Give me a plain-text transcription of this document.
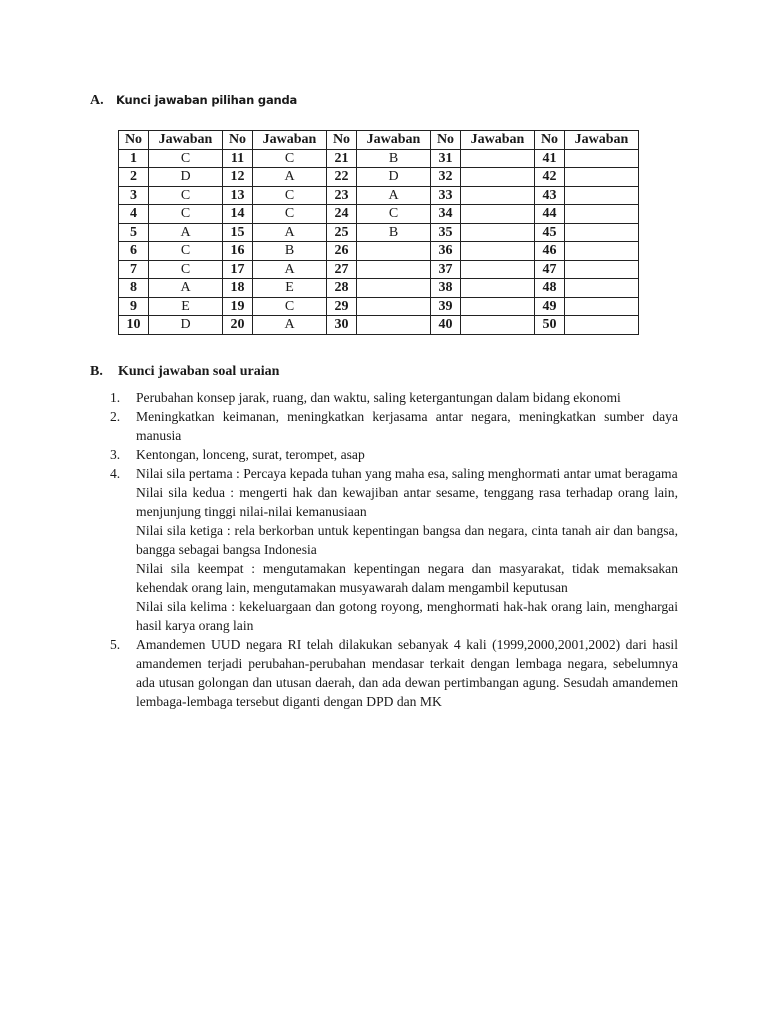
A. Kunci jawaban pilihan ganda
No	Jawaban	No	Jawaban	No	Jawaban	No	Jawaban	No	Jawaban
1	C	11	C	21	B	31		41	
2	D	12	A	22	D	32		42	
3	C	13	C	23	A	33		43	
4	C	14	C	24	C	34		44	
5	A	15	A	25	B	35		45	
6	C	16	B	26		36		46	
7	C	17	A	27		37		47	
8	A	18	E	28		38		48	
9	E	19	C	29		39		49	
10	D	20	A	30		40		50	
B. Kunci jawaban soal uraian
1. Perubahan konsep jarak, ruang, dan waktu, saling ketergantungan dalam bidang ekonomi

2. Meningkatkan keimanan, meningkatkan kerjasama antar negara, meningkatkan sumber daya manusia

3. Kentongan, lonceng, surat, terompet, asap

4. Nilai sila pertama : Percaya kepada tuhan yang maha esa, saling menghormati antar umat beragama

Nilai sila kedua : mengerti hak dan kewajiban antar sesame, tenggang rasa terhadap orang lain, menjunjung tinggi nilai-nilai kemanusiaan

Nilai sila ketiga : rela berkorban untuk kepentingan bangsa dan negara, cinta tanah air dan bangsa, bangga sebagai bangsa Indonesia

Nilai sila keempat : mengutamakan kepentingan negara dan masyarakat, tidak memaksakan kehendak orang lain, mengutamakan musyawarah dalam mengambil keputusan

Nilai sila kelima : kekeluargaan dan gotong royong, menghormati hak-hak orang lain, menghargai hasil karya orang lain

5. Amandemen UUD negara RI telah dilakukan sebanyak 4 kali (1999,2000,2001,2002) dari hasil amandemen terjadi perubahan-perubahan mendasar terkait dengan lembaga negara, sebelumnya ada utusan golongan dan utusan daerah, dan ada dewan pertimbangan agung. Sesudah amandemen lembaga-lembaga tersebut diganti dengan DPD dan MK
